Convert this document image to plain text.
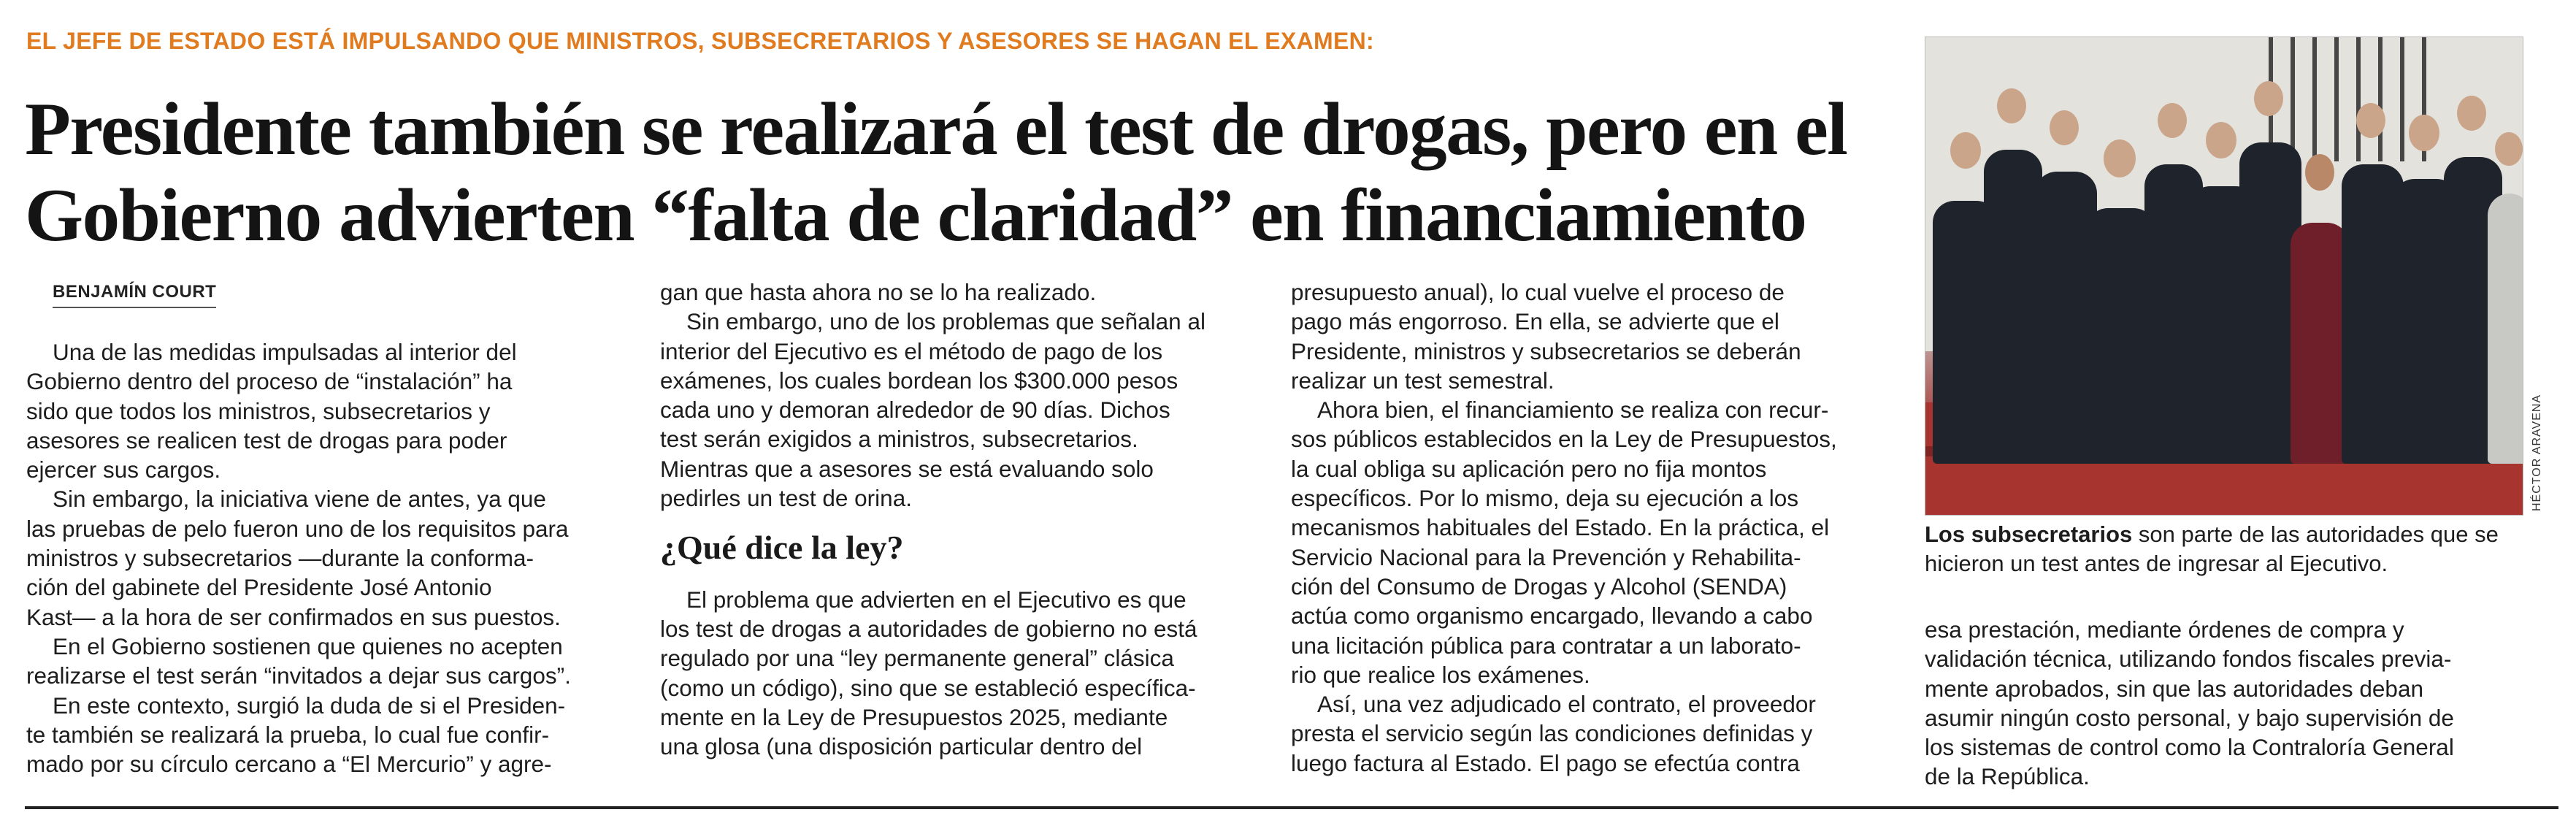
EL JEFE DE ESTADO ESTÁ IMPULSANDO QUE MINISTROS, SUBSECRETARIOS Y ASESORES SE HAGAN EL EXAMEN:
Presidente también se realizará el test de drogas, pero en el
Gobierno advierten “falta de claridad” en financiamiento
BENJAMÍN COURT
Una de las medidas impulsadas al interior del
Gobierno dentro del proceso de “instalación” ha
sido que todos los ministros, subsecretarios y
asesores se realicen test de drogas para poder
ejercer sus cargos.
Sin embargo, la iniciativa viene de antes, ya que
las pruebas de pelo fueron uno de los requisitos para
ministros y subsecretarios —durante la conforma-
ción del gabinete del Presidente José Antonio
Kast— a la hora de ser confirmados en sus puestos.
En el Gobierno sostienen que quienes no acepten
realizarse el test serán “invitados a dejar sus cargos”.
En este contexto, surgió la duda de si el Presiden-
te también se realizará la prueba, lo cual fue confir-
mado por su círculo cercano a “El Mercurio” y agre-
gan que hasta ahora no se lo ha realizado.
Sin embargo, uno de los problemas que señalan al
interior del Ejecutivo es el método de pago de los
exámenes, los cuales bordean los $300.000 pesos
cada uno y demoran alrededor de 90 días. Dichos
test serán exigidos a ministros, subsecretarios.
Mientras que a asesores se está evaluando solo
pedirles un test de orina.
¿Qué dice la ley?
El problema que advierten en el Ejecutivo es que
los test de drogas a autoridades de gobierno no está
regulado por una “ley permanente general” clásica
(como un código), sino que se estableció específica-
mente en la Ley de Presupuestos 2025, mediante
una glosa (una disposición particular dentro del
presupuesto anual), lo cual vuelve el proceso de
pago más engorroso. En ella, se advierte que el
Presidente, ministros y subsecretarios se deberán
realizar un test semestral.
Ahora bien, el financiamiento se realiza con recur-
sos públicos establecidos en la Ley de Presupuestos,
la cual obliga su aplicación pero no fija montos
específicos. Por lo mismo, deja su ejecución a los
mecanismos habituales del Estado. En la práctica, el
Servicio Nacional para la Prevención y Rehabilita-
ción del Consumo de Drogas y Alcohol (SENDA)
actúa como organismo encargado, llevando a cabo
una licitación pública para contratar a un laborato-
rio que realice los exámenes.
Así, una vez adjudicado el contrato, el proveedor
presta el servicio según las condiciones definidas y
luego factura al Estado. El pago se efectúa contra
HÉCTOR ARAVENA
Los subsecretarios son parte de las autoridades que se
hicieron un test antes de ingresar al Ejecutivo.
esa prestación, mediante órdenes de compra y
validación técnica, utilizando fondos fiscales previa-
mente aprobados, sin que las autoridades deban
asumir ningún costo personal, y bajo supervisión de
los sistemas de control como la Contraloría General
de la República.
